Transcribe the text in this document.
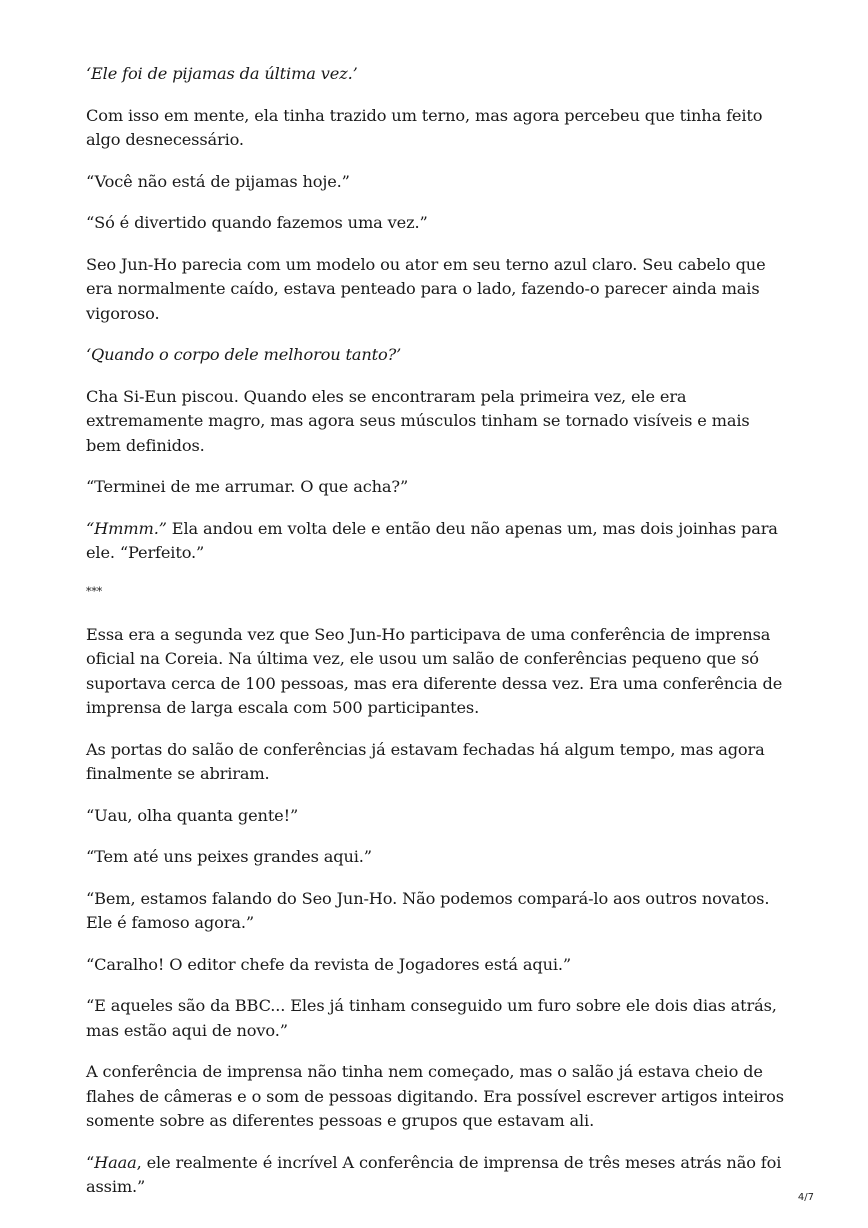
‘Ele foi de pijamas da última vez.’

Com isso em mente, ela tinha trazido um terno, mas agora percebeu que tinha feito algo desnecessário.

“Você não está de pijamas hoje.”

“Só é divertido quando fazemos uma vez.”

Seo Jun-Ho parecia com um modelo ou ator em seu terno azul claro. Seu cabelo que era normalmente caído, estava penteado para o lado, fazendo-o parecer ainda mais vigoroso.

‘Quando o corpo dele melhorou tanto?’

Cha Si-Eun piscou. Quando eles se encontraram pela primeira vez, ele era extremamente magro, mas agora seus músculos tinham se tornado visíveis e mais bem definidos.

“Terminei de me arrumar. O que acha?”

“Hmmm.” Ela andou em volta dele e então deu não apenas um, mas dois joinhas para ele. “Perfeito.”

***

Essa era a segunda vez que Seo Jun-Ho participava de uma conferência de imprensa oficial na Coreia. Na última vez, ele usou um salão de conferências pequeno que só suportava cerca de 100 pessoas, mas era diferente dessa vez. Era uma conferência de imprensa de larga escala com 500 participantes.

As portas do salão de conferências já estavam fechadas há algum tempo, mas agora finalmente se abriram.

“Uau, olha quanta gente!”

“Tem até uns peixes grandes aqui.”

“Bem, estamos falando do Seo Jun-Ho. Não podemos compará-lo aos outros novatos. Ele é famoso agora.”

“Caralho! O editor chefe da revista de Jogadores está aqui.”

“E aqueles são da BBC... Eles já tinham conseguido um furo sobre ele dois dias atrás, mas estão aqui de novo.”

A conferência de imprensa não tinha nem começado, mas o salão já estava cheio de flahes de câmeras e o som de pessoas digitando. Era possível escrever artigos inteiros somente sobre as diferentes pessoas e grupos que estavam ali.

“Haaa, ele realmente é incrível A conferência de imprensa de três meses atrás não foi assim.”

4/7
